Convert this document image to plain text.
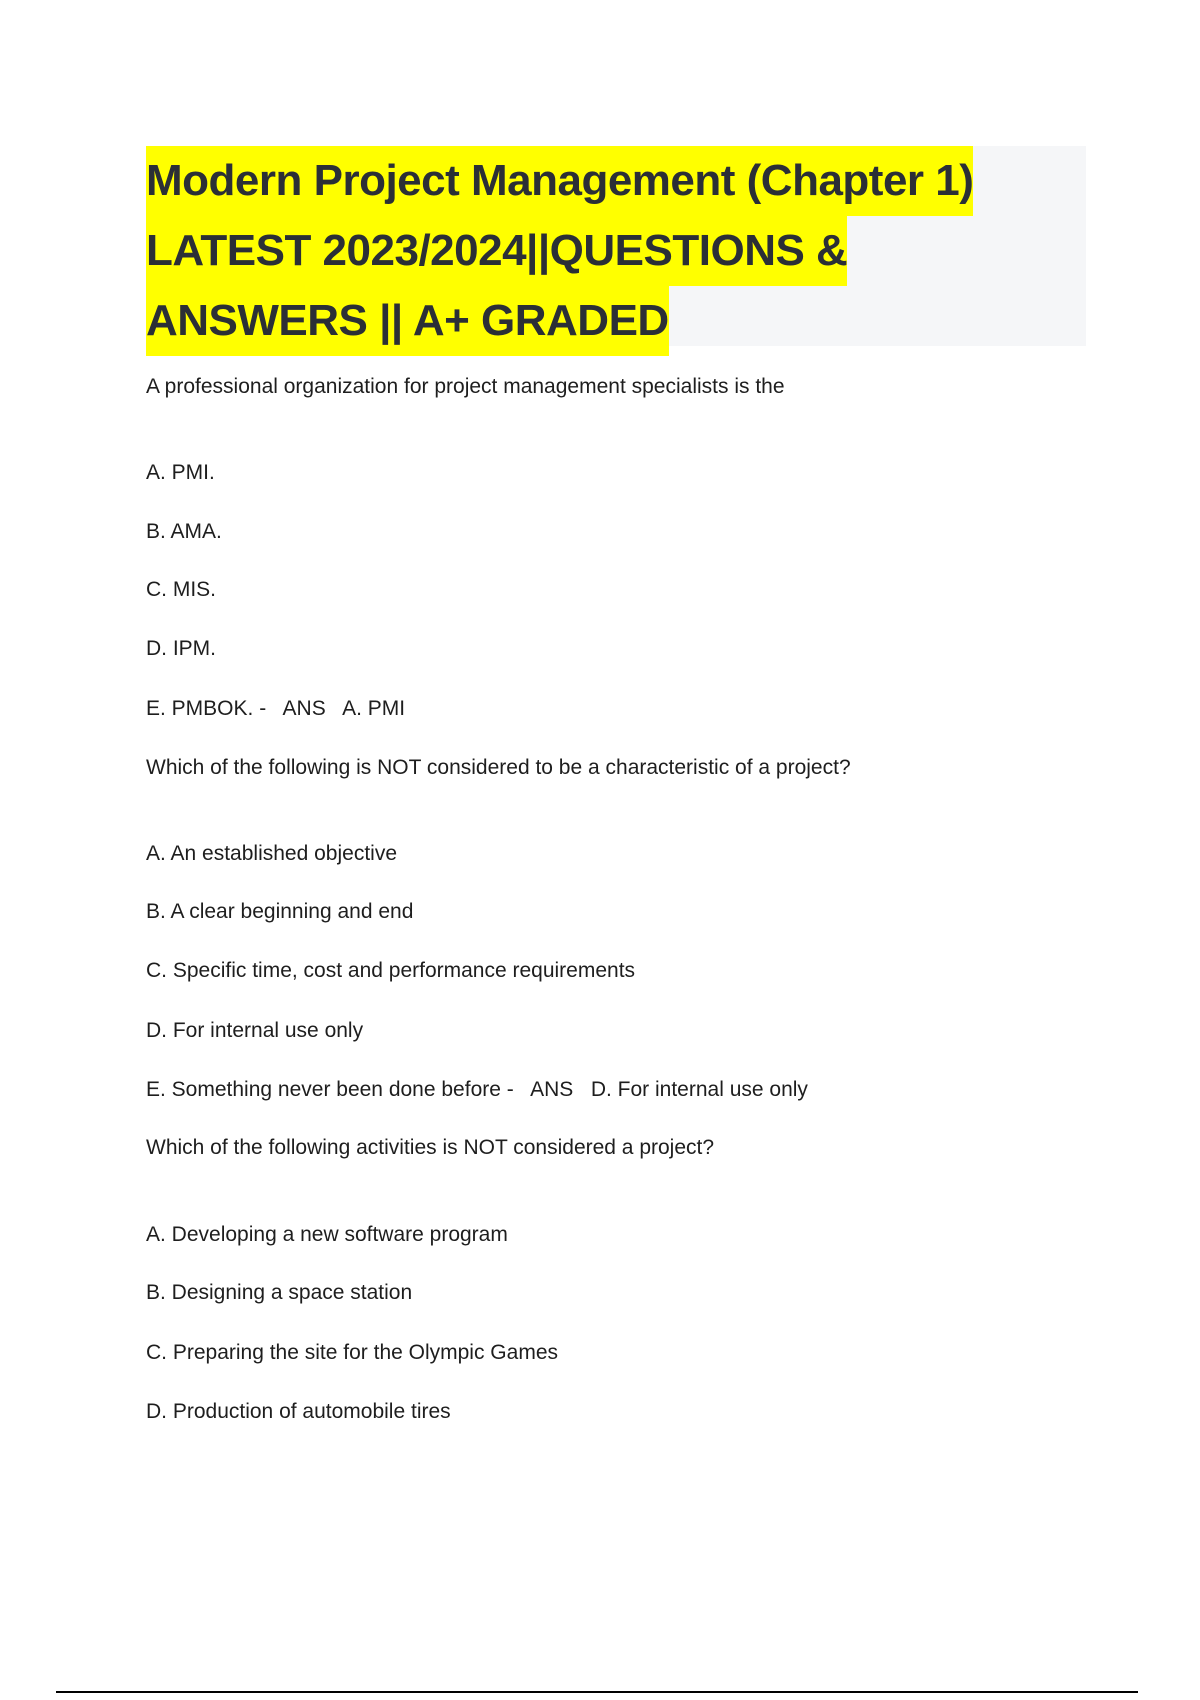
Modern Project Management (Chapter 1)
LATEST 2023/2024||QUESTIONS &
ANSWERS || A+ GRADED
A professional organization for project management specialists is the
A. PMI.
B. AMA.
C. MIS.
D. IPM.
E. PMBOK. - ANS A. PMI
Which of the following is NOT considered to be a characteristic of a project?
A. An established objective
B. A clear beginning and end
C. Specific time, cost and performance requirements
D. For internal use only
E. Something never been done before - ANS D. For internal use only
Which of the following activities is NOT considered a project?
A. Developing a new software program
B. Designing a space station
C. Preparing the site for the Olympic Games
D. Production of automobile tires
